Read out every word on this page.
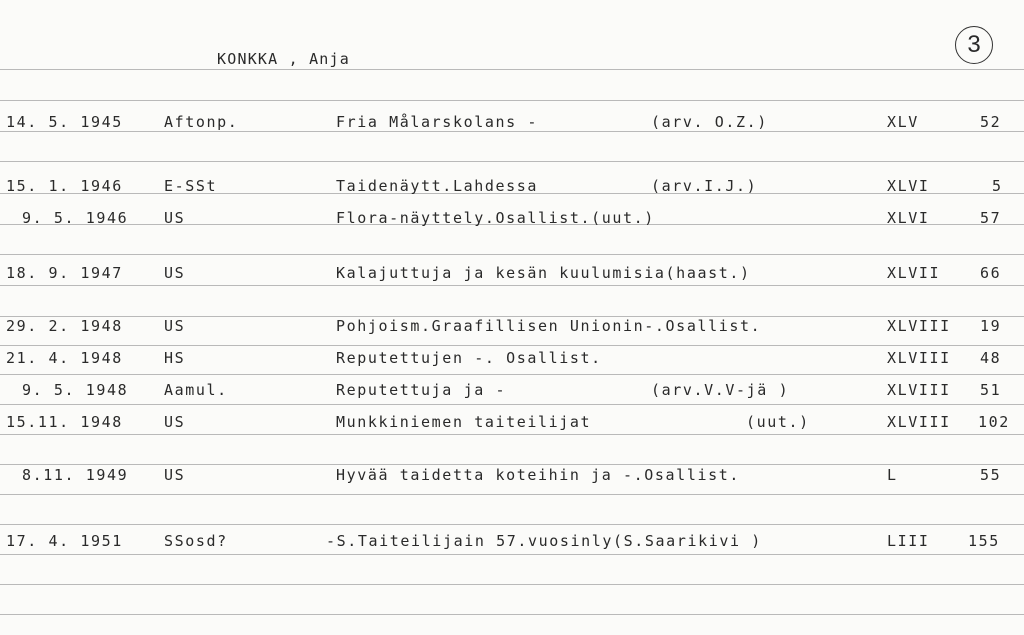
KONKKA , Anja
3
14. 5. 1945	Aftonp.	Fria Målarskolans -	(arv. O.Z.)	XLV	52
15. 1. 1946	E-SSt	Taidenäytt.Lahdessa	(arv.I.J.)	XLVI	5
9. 5. 1946 US	Flora-näyttely.Osallist.(uut.)	XLVI	57
18. 9. 1947	US	Kalajuttuja ja kesän kuulumisia(haast.)	XLVII	66
29. 2. 1948	US	Pohjoism.Graafillisen Unionin-.Osallist.	XLVIII 19
21. 4. 1948	HS	Reputettujen -. Osallist.	XLVIII 48
9. 5. 1948 Aamul.	Reputettuja ja -	(arv.V.V-jä )	XLVIII 51
15.11. 1948	US	Munkkiniemen taiteilijat	(uut.)	XLVIII 102
8.11. 1949 US	Hyvää taidetta koteihin ja -.Osallist.	L	55
17. 4. 1951	SSosd?	-S.Taiteilijain 57.vuosinly(S.Saarikivi )	LIII	155
